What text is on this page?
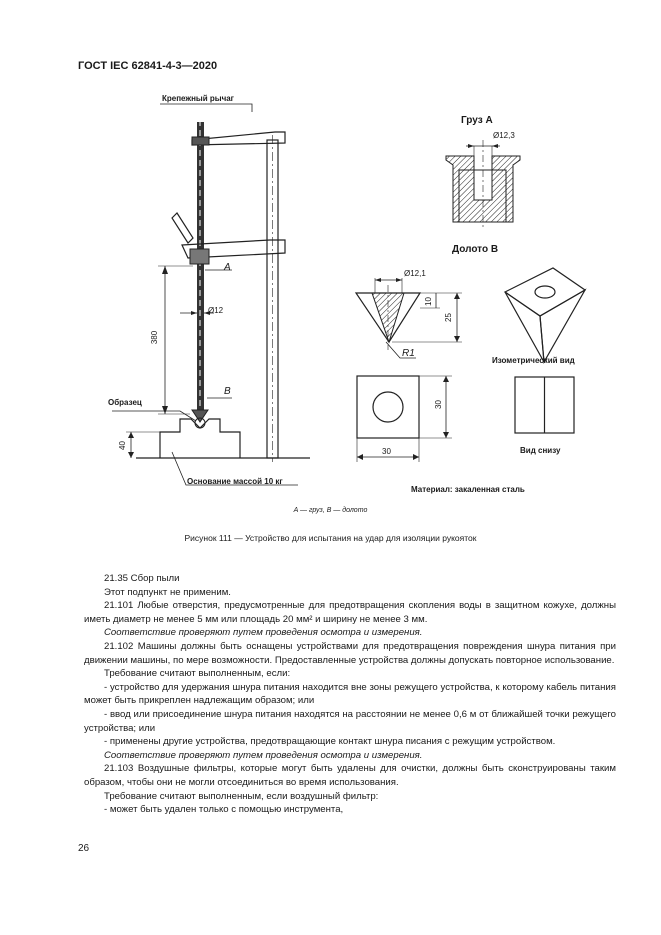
ГОСТ IEC 62841-4-3—2020
Крепежный рычаг
Груз A
Ø12,3
Долото B
Ø12,1
10
25
R1
Изометрический вид
30
30	Вид снизу
Материал: закаленная сталь
A
B
Ø12
380
Образец
40
Основание массой 10 кг
A — груз, B — долото
Рисунок 111 — Устройство для испытания на удар для изоляции рукояток

21.35 Сбор пыли

Этот подпункт не применим.

21.101 Любые отверстия, предусмотренные для предотвращения скопления воды в защитном кожухе, должны иметь диаметр не менее 5 мм или площадь 20 мм² и ширину не менее 3 мм.

Соответствие проверяют путем проведения осмотра и измерения.

21.102 Машины должны быть оснащены устройствами для предотвращения повреждения шнура питания при движении машины, по мере возможности. Предоставленные устройства должны допускать повторное использование.

Требование считают выполненным, если:

- устройство для удержания шнура питания находится вне зоны режущего устройства, к которому кабель питания может быть прикреплен надлежащим образом; или

- ввод или присоединение шнура питания находятся на расстоянии не менее 0,6 м от ближайшей точки режущего устройства; или

- применены другие устройства, предотвращающие контакт шнура писания с режущим устройством.

Соответствие проверяют путем проведения осмотра и измерения.

21.103 Воздушные фильтры, которые могут быть удалены для очистки, должны быть сконструированы таким образом, чтобы они не могли отсоединиться во время использования.

Требование считают выполненным, если воздушный фильтр:

- может быть удален только с помощью инструмента,

26
